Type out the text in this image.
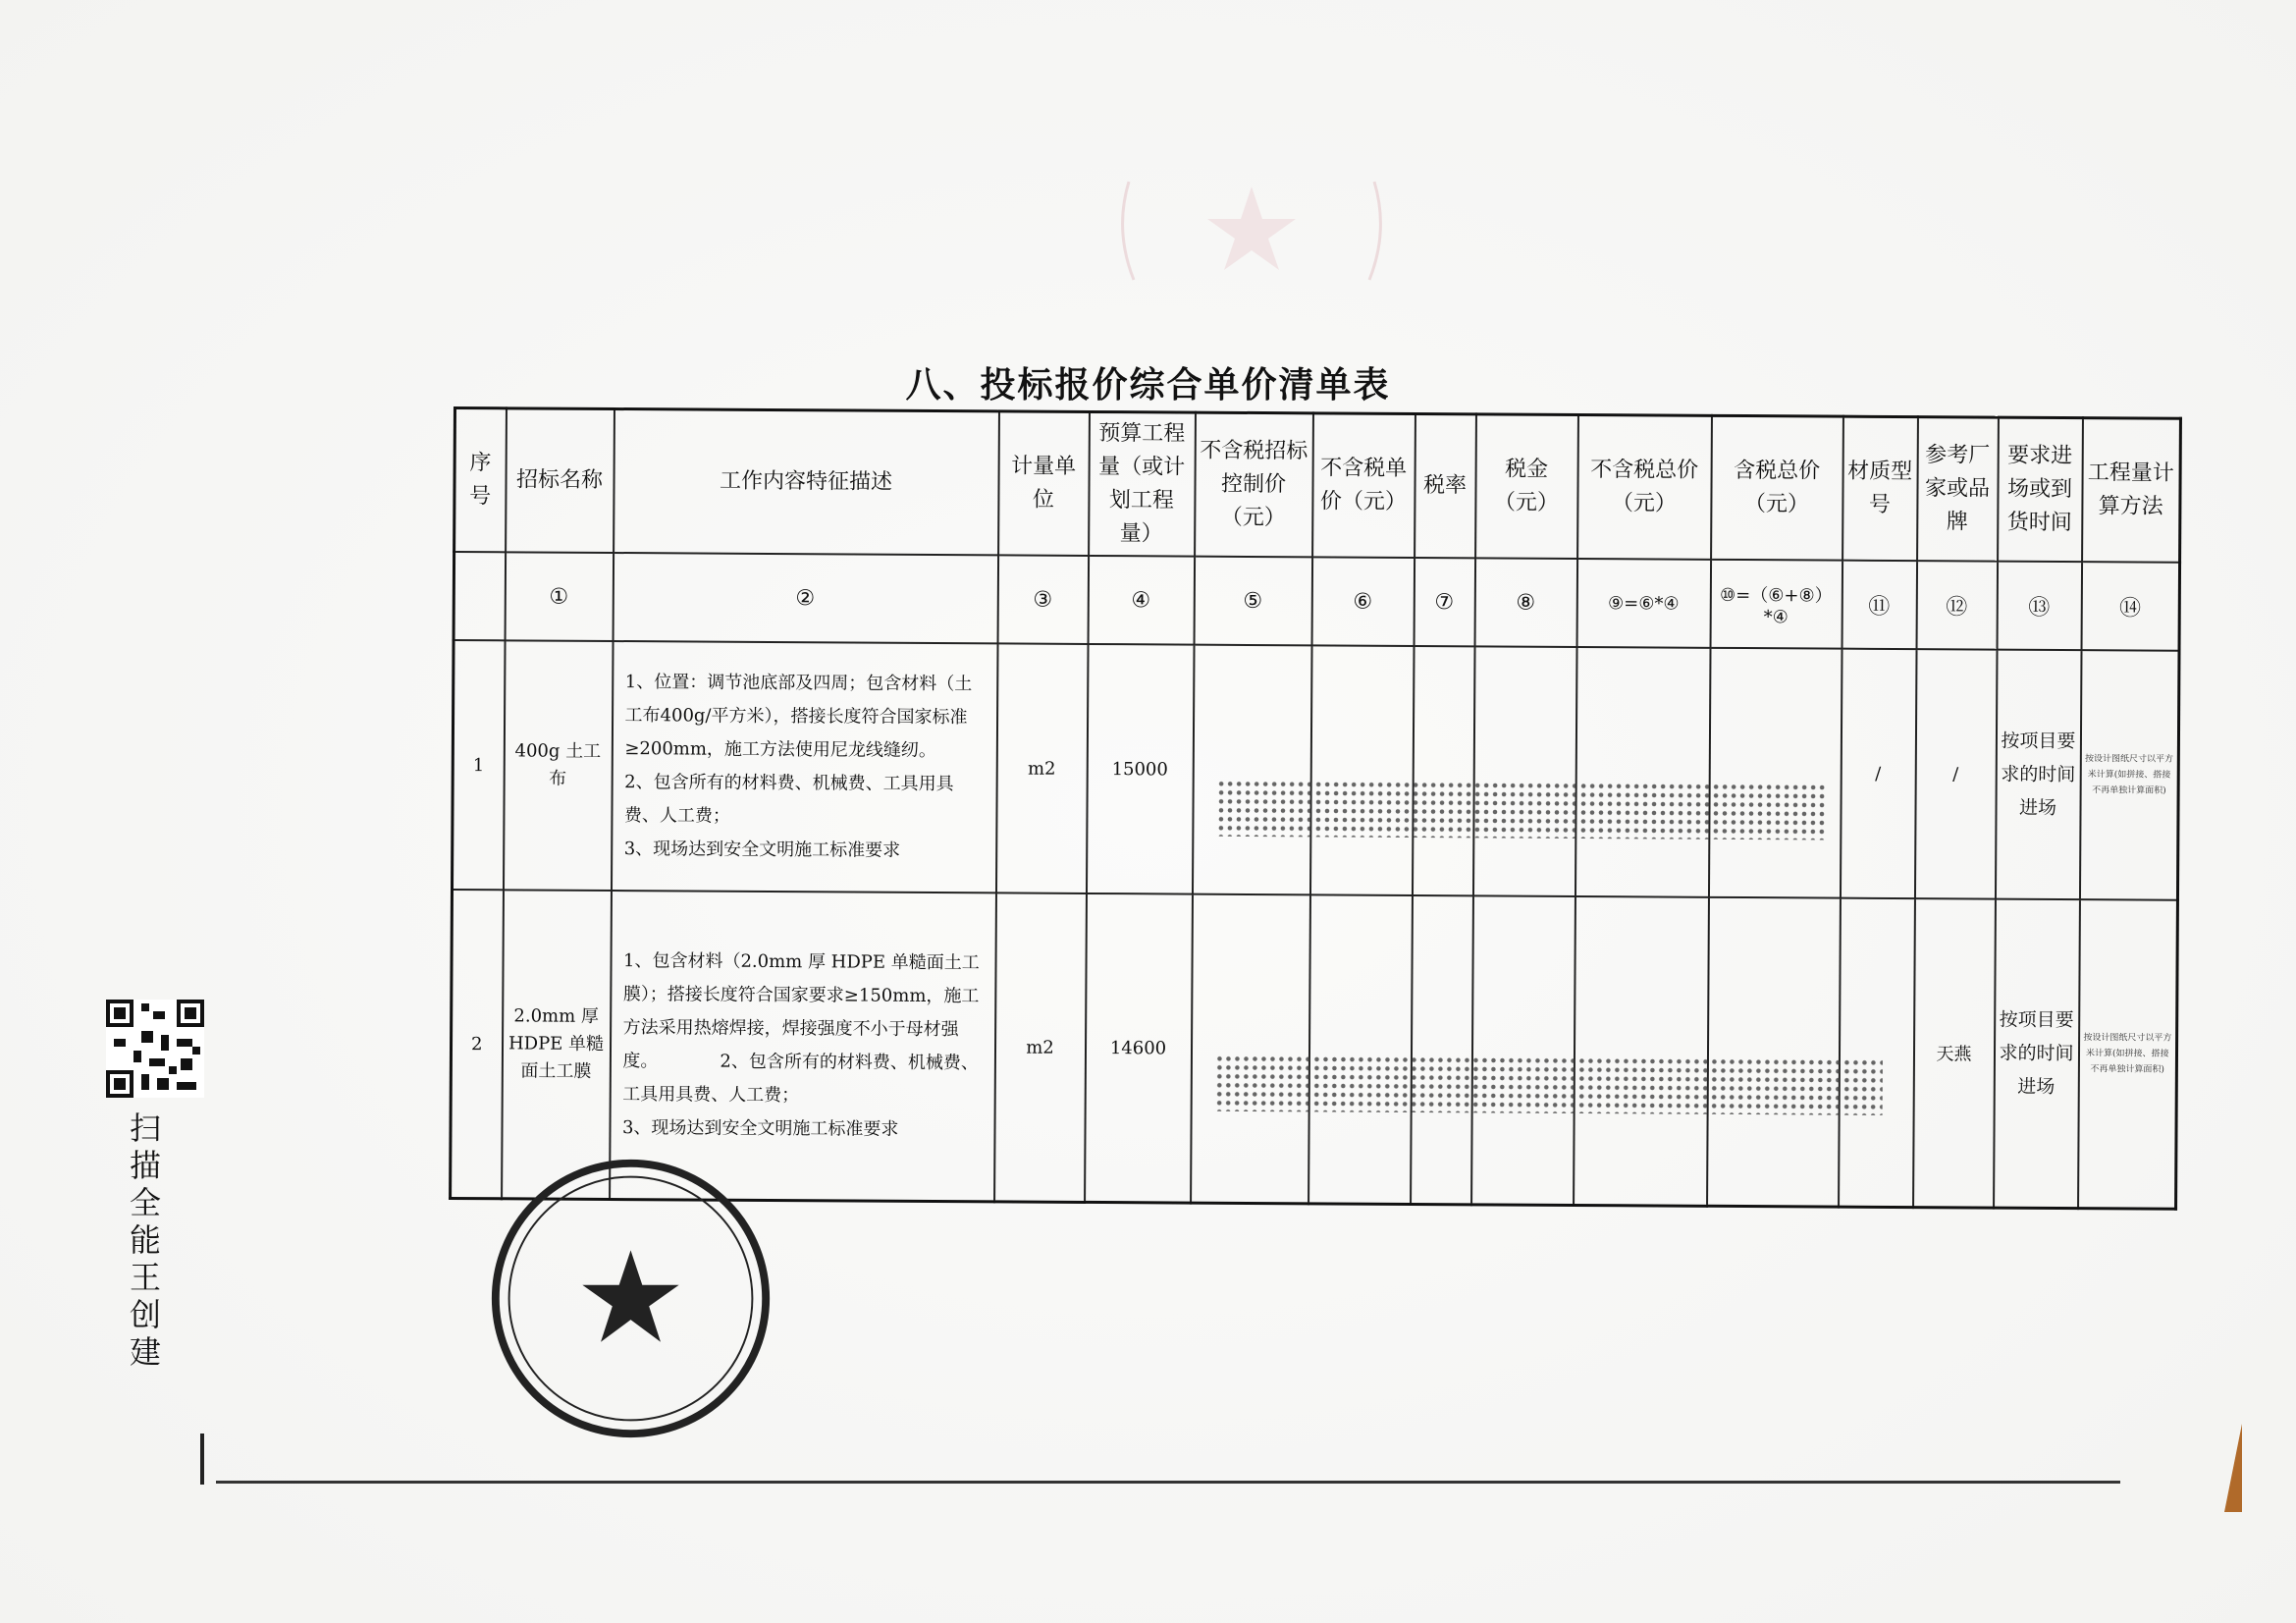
八、投标报价综合单价清单表
序号	招标名称	工作内容特征描述	计量单位	预算工程量（或计划工程量）	不含税招标控制价（元）	不含税单价（元）	税率	税金（元）	不含税总价（元）	含税总价（元）	材质型号	参考厂家或品牌	要求进场或到货时间	工程量计算方法
	①	②	③	④	⑤	⑥	⑦	⑧	⑨=⑥*④	⑩=（⑥+⑧）*④	⑪	⑫	⑬	⑭
1	400g 土工布	1、位置：调节池底部及四周；包含材料（土工布400g/平方米），搭接长度符合国家标准≥200mm，施工方法使用尼龙线缝纫。
2、包含所有的材料费、机械费、工具用具费、人工费；
3、现场达到安全文明施工标准要求	m2	15000							/	/	按项目要求的时间进场	按设计图纸尺寸以平方米计算(如拼接、搭接不再单独计算面积)
2	2.0mm 厚 HDPE 单糙面土工膜	1、包含材料（2.0mm 厚 HDPE 单糙面土工膜）；搭接长度符合国家要求≥150mm，施工方法采用热熔焊接，焊接强度不小于母材强度。　　　　2、包含所有的材料费、机械费、工具用具费、人工费；
3、现场达到安全文明施工标准要求	m2	14600								天燕	按项目要求的时间进场	按设计图纸尺寸以平方米计算(如拼接、搭接不再单独计算面积)
扫描全能王 创建
